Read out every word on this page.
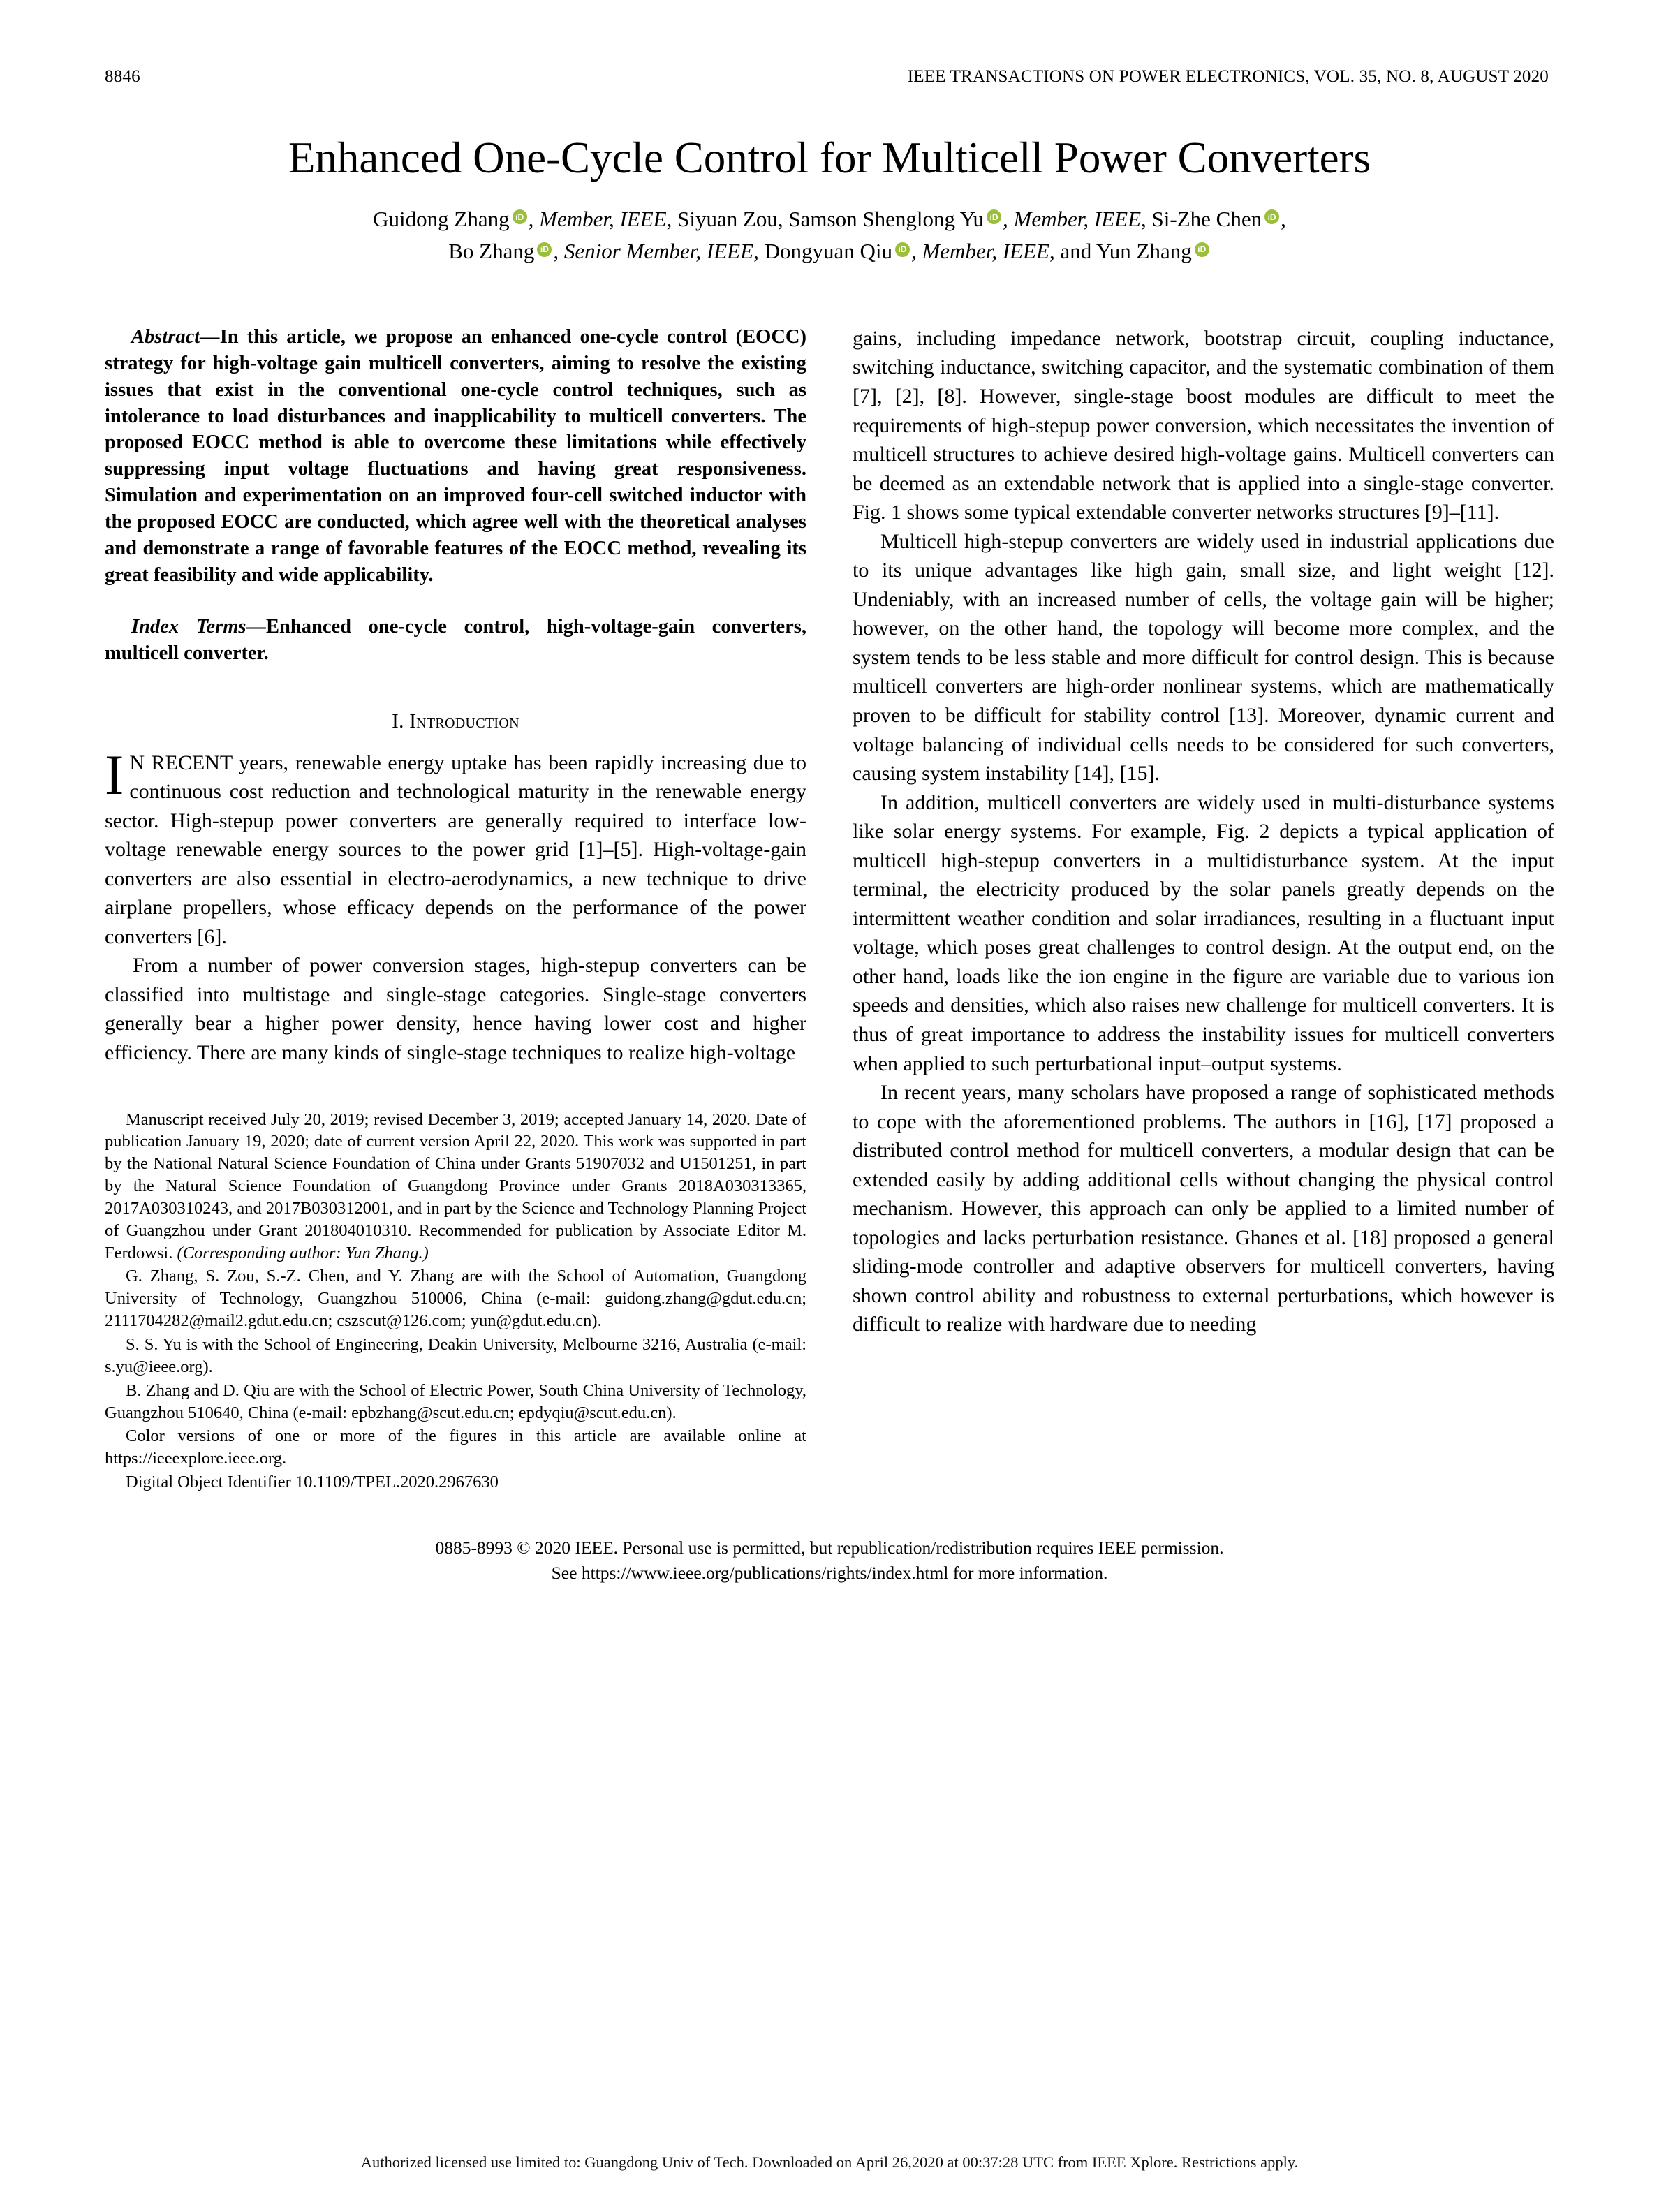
8846	IEEE TRANSACTIONS ON POWER ELECTRONICS, VOL. 35, NO. 8, AUGUST 2020
Enhanced One-Cycle Control for Multicell Power Converters
Guidong Zhang iD , Member, IEEE, Siyuan Zou, Samson Shenglong Yu iD , Member, IEEE, Si-Zhe Chen iD ,
Bo Zhang iD , Senior Member, IEEE, Dongyuan Qiu iD , Member, IEEE, and Yun ZhangiD

Abstract—In this article, we propose an enhanced one-cycle control (EOCC) strategy for high-voltage gain multicell converters, aiming to resolve the existing issues that exist in the conventional one-cycle control techniques, such as intolerance to load disturbances and inapplicability to multicell converters. The proposed EOCC method is able to overcome these limitations while effectively suppressing input voltage fluctuations and having great responsiveness. Simulation and experimentation on an improved four-cell switched inductor with the proposed EOCC are conducted, which agree well with the theoretical analyses and demonstrate a range of favorable features of the EOCC method, revealing its great feasibility and wide applicability.

Index Terms—Enhanced one-cycle control, high-voltage-gain converters, multicell converter.

I. Introduction

I N RECENT years, renewable energy uptake has been rapidly increasing due to continuous cost reduction and technological maturity in the renewable energy sector. High-stepup power converters are generally required to interface low-voltage renewable energy sources to the power grid [1]–[5]. High-voltage-gain converters are also essential in electro-aerodynamics, a new technique to drive airplane propellers, whose efficacy depends on the performance of the power converters [6].

From a number of power conversion stages, high-stepup converters can be classified into multistage and single-stage categories. Single-stage converters generally bear a higher power density, hence having lower cost and higher efficiency. There are many kinds of single-stage techniques to realize high-voltage

Manuscript received July 20, 2019; revised December 3, 2019; accepted January 14, 2020. Date of publication January 19, 2020; date of current version April 22, 2020. This work was supported in part by the National Natural Science Foundation of China under Grants 51907032 and U1501251, in part by the Natural Science Foundation of Guangdong Province under Grants 2018A030313365, 2017A030310243, and 2017B030312001, and in part by the Science and Technology Planning Project of Guangzhou under Grant 201804010310. Recommended for publication by Associate Editor M. Ferdowsi. (Corresponding author: Yun Zhang.)

G. Zhang, S. Zou, S.-Z. Chen, and Y. Zhang are with the School of Automation, Guangdong University of Technology, Guangzhou 510006, China (e-mail: guidong.zhang@gdut.edu.cn; 2111704282@mail2.gdut.edu.cn; cszscut@126.com; yun@gdut.edu.cn).

S. S. Yu is with the School of Engineering, Deakin University, Melbourne 3216, Australia (e-mail: s.yu@ieee.org).

B. Zhang and D. Qiu are with the School of Electric Power, South China University of Technology, Guangzhou 510640, China (e-mail: epbzhang@scut.edu.cn; epdyqiu@scut.edu.cn).

Color versions of one or more of the figures in this article are available online at https://ieeexplore.ieee.org.

Digital Object Identifier 10.1109/TPEL.2020.2967630

gains, including impedance network, bootstrap circuit, coupling inductance, switching inductance, switching capacitor, and the systematic combination of them [7], [2], [8]. However, single-stage boost modules are difficult to meet the requirements of high-stepup power conversion, which necessitates the invention of multicell structures to achieve desired high-voltage gains. Multicell converters can be deemed as an extendable network that is applied into a single-stage converter. Fig. 1 shows some typical extendable converter networks structures [9]–[11].

Multicell high-stepup converters are widely used in industrial applications due to its unique advantages like high gain, small size, and light weight [12]. Undeniably, with an increased number of cells, the voltage gain will be higher; however, on the other hand, the topology will become more complex, and the system tends to be less stable and more difficult for control design. This is because multicell converters are high-order nonlinear systems, which are mathematically proven to be difficult for stability control [13]. Moreover, dynamic current and voltage balancing of individual cells needs to be considered for such converters, causing system instability [14], [15].

In addition, multicell converters are widely used in multi-disturbance systems like solar energy systems. For example, Fig. 2 depicts a typical application of multicell high-stepup converters in a multidisturbance system. At the input terminal, the electricity produced by the solar panels greatly depends on the intermittent weather condition and solar irradiances, resulting in a fluctuant input voltage, which poses great challenges to control design. At the output end, on the other hand, loads like the ion engine in the figure are variable due to various ion speeds and densities, which also raises new challenge for multicell converters. It is thus of great importance to address the instability issues for multicell converters when applied to such perturbational input–output systems.

In recent years, many scholars have proposed a range of sophisticated methods to cope with the aforementioned problems. The authors in [16], [17] proposed a distributed control method for multicell converters, a modular design that can be extended easily by adding additional cells without changing the physical control mechanism. However, this approach can only be applied to a limited number of topologies and lacks perturbation resistance. Ghanes et al. [18] proposed a general sliding-mode controller and adaptive observers for multicell converters, having shown control ability and robustness to external perturbations, which however is difficult to realize with hardware due to needing

0885-8993 © 2020 IEEE. Personal use is permitted, but republication/redistribution requires IEEE permission.
See https://www.ieee.org/publications/rights/index.html for more information.
Authorized licensed use limited to: Guangdong Univ of Tech. Downloaded on April 26,2020 at 00:37:28 UTC from IEEE Xplore. Restrictions apply.
